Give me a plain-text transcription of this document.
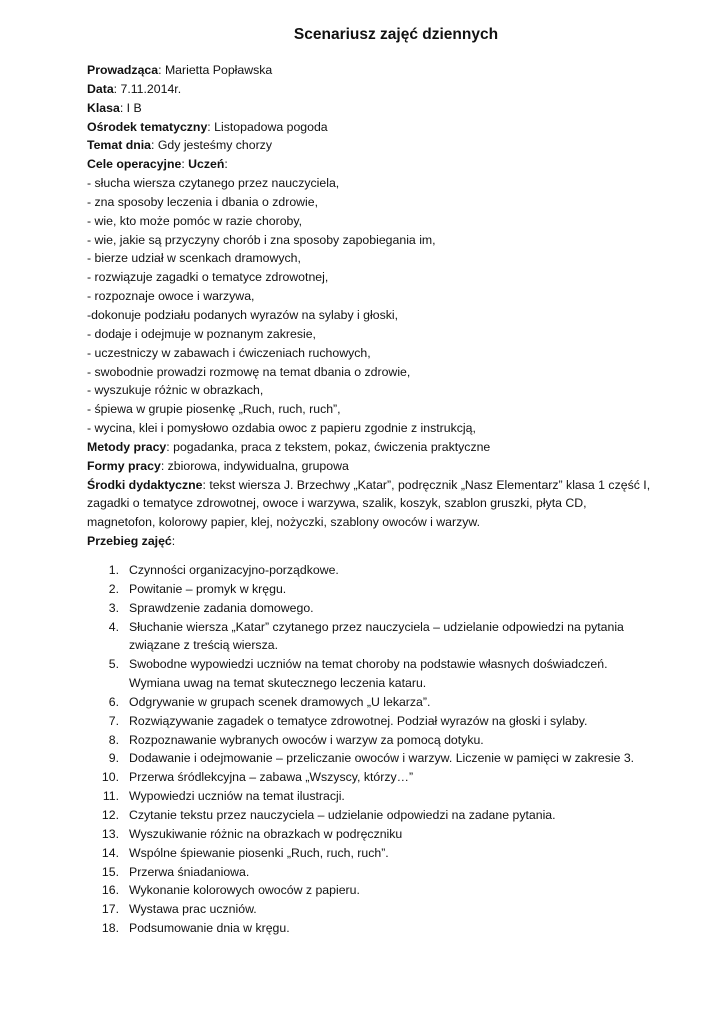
Scenariusz zajęć dziennych
Prowadząca: Marietta Popławska
Data: 7.11.2014r.
Klasa: I B
Ośrodek tematyczny: Listopadowa pogoda
Temat dnia: Gdy jesteśmy chorzy
Cele operacyjne: Uczeń:
- słucha wiersza czytanego przez nauczyciela,
- zna sposoby leczenia i dbania o zdrowie,
- wie, kto może pomóc w razie choroby,
- wie, jakie są przyczyny chorób i zna sposoby zapobiegania im,
- bierze udział w scenkach dramowych,
- rozwiązuje zagadki o tematyce zdrowotnej,
- rozpoznaje owoce i warzywa,
-dokonuje podziału podanych wyrazów na sylaby i głoski,
- dodaje i odejmuje w poznanym zakresie,
- uczestniczy w zabawach i ćwiczeniach ruchowych,
- swobodnie prowadzi rozmowę na temat dbania o zdrowie,
- wyszukuje różnic w obrazkach,
- śpiewa w grupie piosenkę „Ruch, ruch, ruch”,
- wycina, klei i pomysłowo ozdabia owoc z papieru zgodnie z instrukcją,
Metody pracy: pogadanka, praca z tekstem, pokaz, ćwiczenia praktyczne
Formy pracy: zbiorowa, indywidualna, grupowa
Środki dydaktyczne: tekst wiersza J. Brzechwy „Katar”, podręcznik „Nasz Elementarz” klasa 1 część I,
zagadki o tematyce zdrowotnej, owoce i warzywa, szalik, koszyk, szablon gruszki, płyta CD,
magnetofon, kolorowy papier, klej, nożyczki, szablony owoców i warzyw.
Przebieg zajęć:
1. Czynności organizacyjno-porządkowe.
2. Powitanie – promyk w kręgu.
3. Sprawdzenie zadania domowego.
4. Słuchanie wiersza „Katar” czytanego przez nauczyciela – udzielanie odpowiedzi na pytania
związane z treścią wiersza.
5. Swobodne wypowiedzi uczniów na temat choroby na podstawie własnych doświadczeń.
Wymiana uwag na temat skutecznego leczenia kataru.
6. Odgrywanie w grupach scenek dramowych „U lekarza”.
7. Rozwiązywanie zagadek o tematyce zdrowotnej. Podział wyrazów na głoski i sylaby.
8. Rozpoznawanie wybranych owoców i warzyw za pomocą dotyku.
9. Dodawanie i odejmowanie – przeliczanie owoców i warzyw. Liczenie w pamięci w zakresie 3.
10. Przerwa śródlekcyjna – zabawa „Wszyscy, którzy…”
11. Wypowiedzi uczniów na temat ilustracji.
12. Czytanie tekstu przez nauczyciela – udzielanie odpowiedzi na zadane pytania.
13. Wyszukiwanie różnic na obrazkach w podręczniku
14. Wspólne śpiewanie piosenki „Ruch, ruch, ruch”.
15. Przerwa śniadaniowa.
16. Wykonanie kolorowych owoców z papieru.
17. Wystawa prac uczniów.
18. Podsumowanie dnia w kręgu.
